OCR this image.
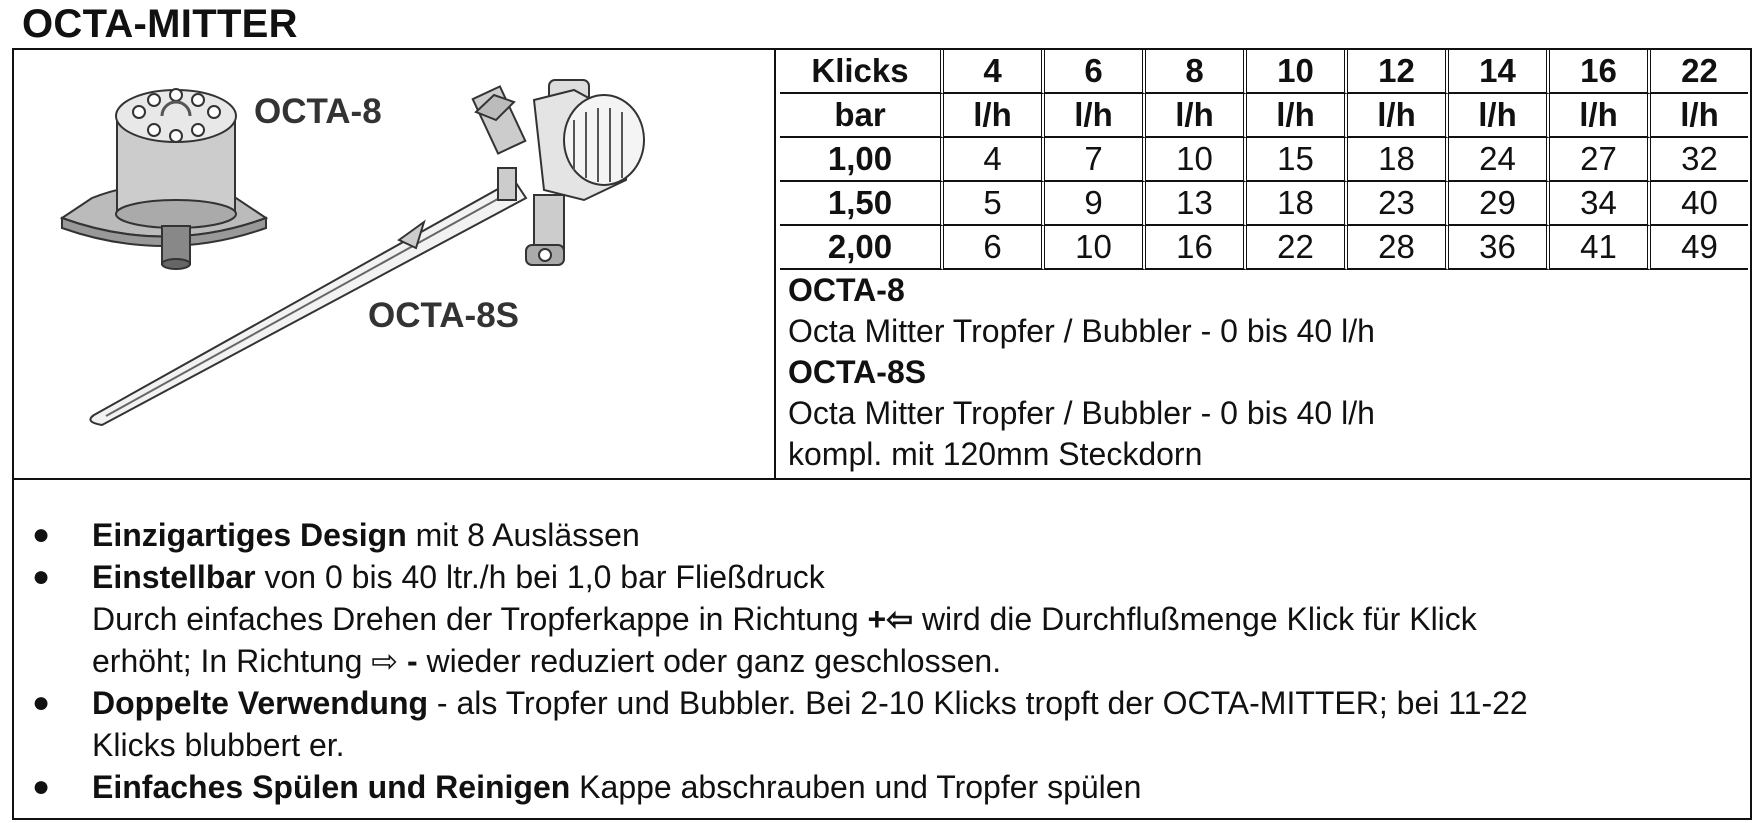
OCTA-MITTER
OCTA-8
OCTA-8S
Klicks	4	6	8	10	12	14	16	22
bar	l/h	l/h	l/h	l/h	l/h	l/h	l/h	l/h
1,00	4	7	10	15	18	24	27	32
1,50	5	9	13	18	23	29	34	40
2,00	6	10	16	22	28	36	41	49
OCTA-8
Octa Mitter Tropfer / Bubbler - 0 bis 40 l/h
OCTA-8S
Octa Mitter Tropfer / Bubbler - 0 bis 40 l/h
kompl. mit 120mm Steckdorn
● Einzigartiges Design mit 8 Auslässen
● Einstellbar von 0 bis 40 ltr./h bei 1,0 bar Fließdruck
Durch einfaches Drehen der Tropferkappe in Richtung +⇦ wird die Durchflußmenge Klick für Klick
erhöht; In Richtung ⇨ - wieder reduziert oder ganz geschlossen.
● Doppelte Verwendung - als Tropfer und Bubbler. Bei 2-10 Klicks tropft der OCTA-MITTER; bei 11-22
Klicks blubbert er.
● Einfaches Spülen und Reinigen Kappe abschrauben und Tropfer spülen
